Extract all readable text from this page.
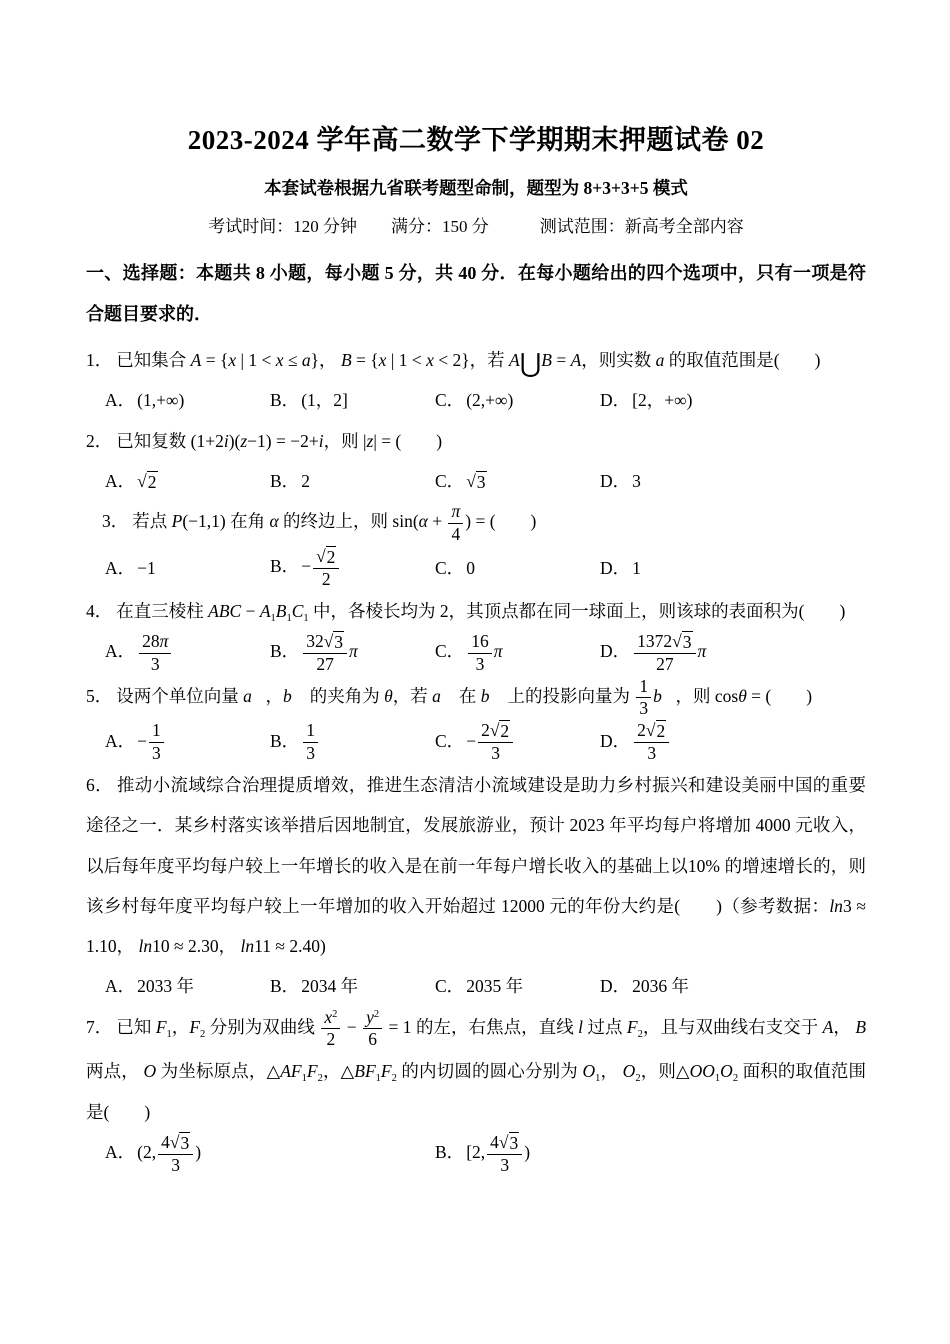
2023-2024 学年高二数学下学期期末押题试卷 02
本套试卷根据九省联考题型命制，题型为 8+3+3+5 模式
考试时间：120 分钟　　满分：150 分　　　测试范围：新高考全部内容
一、选择题：本题共 8 小题，每小题 5 分，共 40 分．在每小题给出的四个选项中，只有一项是符合题目要求的．

1． 已知集合 A = {x | 1 < x ≤ a}， B = {x | 1 < x < 2}，若 A⋃B = A，则实数 a 的取值范围是(　　)

A． (1,+∞)	B． (1，2]	C． (2,+∞)	D． [2，+∞)

2． 已知复数 (1+2i)(z−1) = −2+i，则 |z| = (　　)

A． √ 2	B． 2	C． √ 3	D． 3

3． 若点 P(−1,1) 在角 α 的终边上，则 $\sin(\alpha + \frac{\pi}{4}$ ) = (　　)

A． −1	B． − $\frac{√ 2}{2}$	C． 0	D． 1

4． 在直三棱柱 ABC − $A_1B_1C_1$ 中，各棱长均为 2，其顶点都在同一球面上，则该球的表面积为(　　)

A． $\frac{28\pi}{3}$	B． $\frac{32 √ 3}{27}$ π	C． $\frac{16}{3}$ π	D． $\frac{1372 √ 3}{27}$ π

5． 设两个单位向量 a⃗，b⃗ 的夹角为 θ，若 a⃗ 在 b⃗ 上的投影向量为 $\frac{1}{3}$ b⃗，则 cosθ = (　　)

A． − $\frac{1}{3}$	B． $\frac{1}{3}$	C． − $\frac{2 √ 2}{3}$	D． $\frac{2 √ 2}{3}$

6． 推动小流域综合治理提质增效，推进生态清洁小流域建设是助力乡村振兴和建设美丽中国的重要途径之一．某乡村落实该举措后因地制宜，发展旅游业，预计 2023 年平均每户将增加 4000 元收入，以后每年度平均每户较上一年增长的收入是在前一年每户增长收入的基础上以10% 的增速增长的，则该乡村每年度平均每户较上一年增加的收入开始超过 12000 元的年份大约是(　　)（参考数据：ln3 ≈ 1.10， ln10 ≈ 2.30， ln11 ≈ 2.40)

A． 2033 年	B． 2034 年	C． 2035 年	D． 2036 年

7． 已知 $F_1$，$F_2$ 分别为双曲线 $\frac{x^2}{2} - \frac{y^2}{6} = 1$ 的左，右焦点，直线 l 过点 $F_2$，且与双曲线右支交于 A， B 两点， O 为坐标原点，$\triangle AF_1F_2$，$\triangle BF_1F_2$ 的内切圆的圆心分别为 $O_1$， $O_2$，则$\triangle OO_1O_2$ 面积的取值范围是(　　)

A． (2, $\frac{4 √ 3}{3}$ )	B． [2, $\frac{4 √ 3}{3}$ )
